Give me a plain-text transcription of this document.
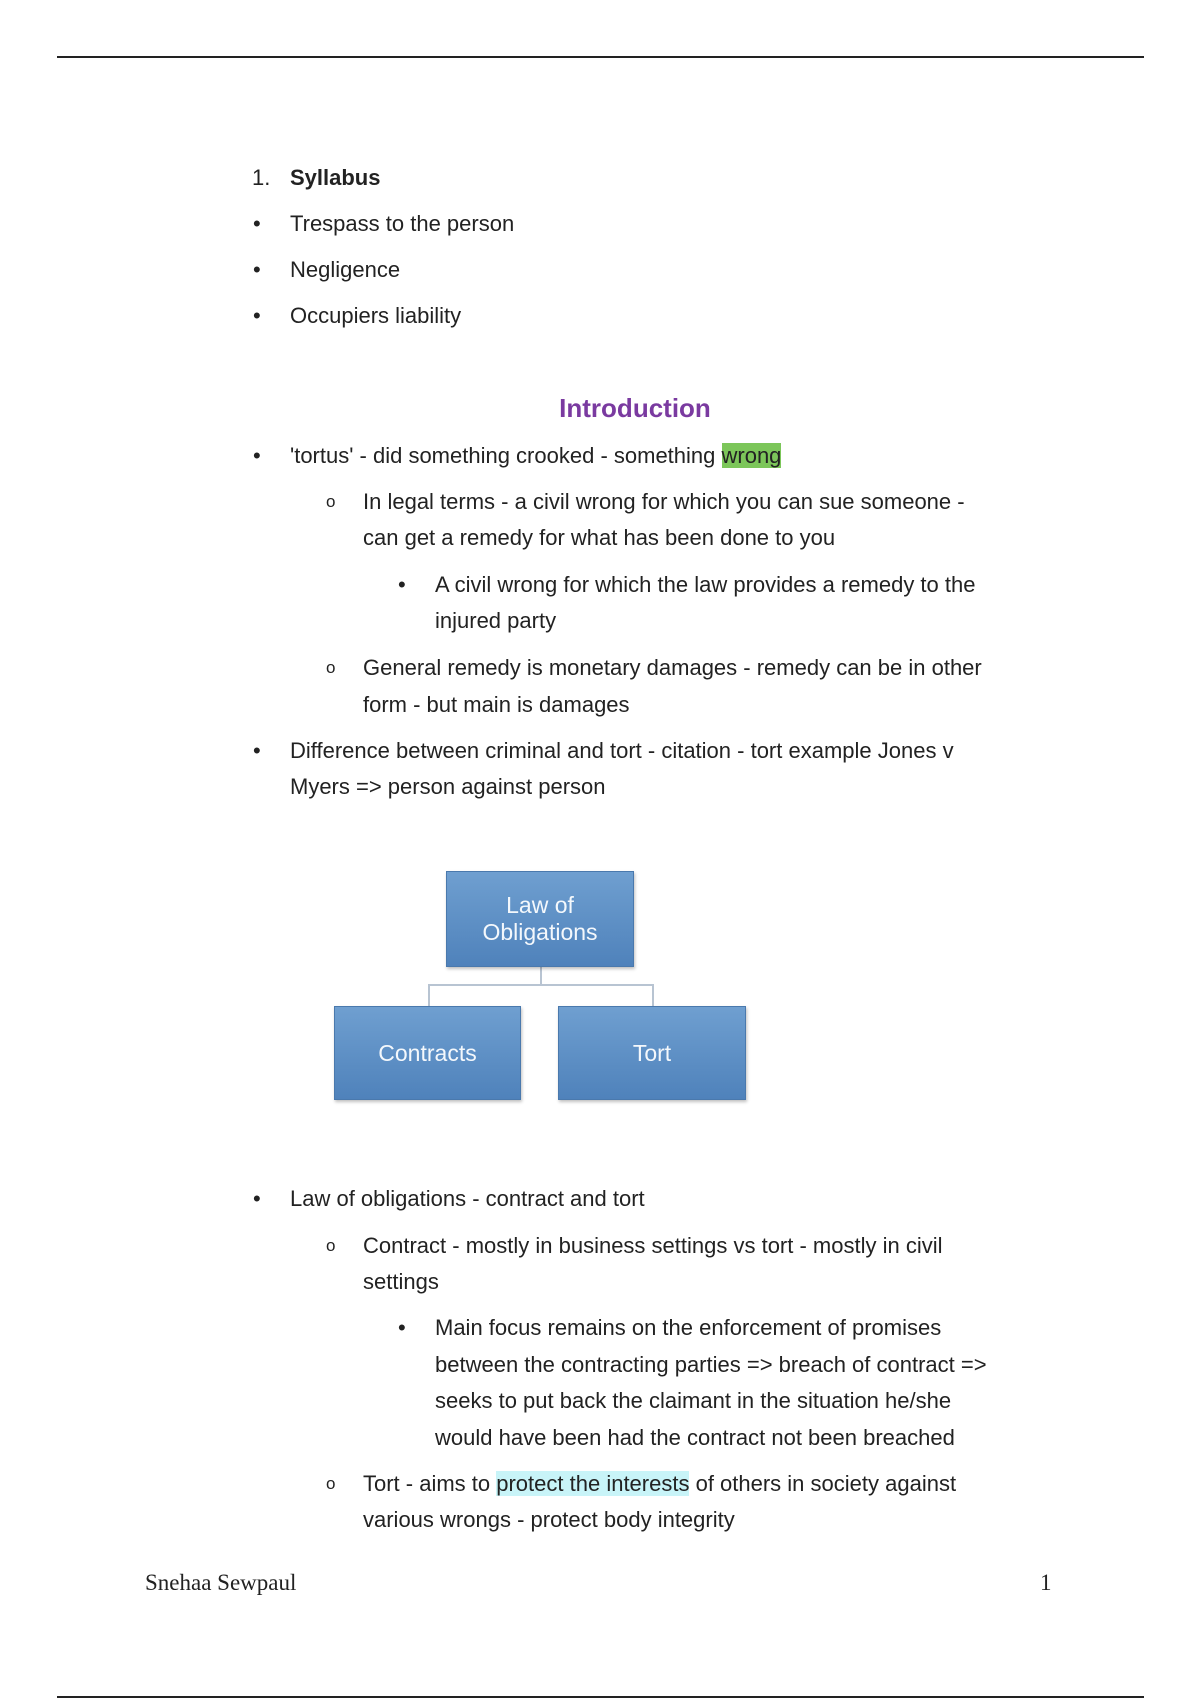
1. Syllabus
•
Trespass to the person
•
Negligence
•
Occupiers liability
Introduction
•
'tortus' - did something crooked - something wrong
o In legal terms - a civil wrong for which you can sue someone -
can get a remedy for what has been done to you
•
A civil wrong for which the law provides a remedy to the
injured party
o General remedy is monetary damages - remedy can be in other
form - but main is damages
•
Difference between criminal and tort - citation - tort example Jones v
Myers => person against person
Law of
Obligations
Contracts	Tort
•
Law of obligations - contract and tort
o Contract - mostly in business settings vs tort - mostly in civil
settings
•
Main focus remains on the enforcement of promises
between the contracting parties => breach of contract =>
seeks to put back the claimant in the situation he/she
would have been had the contract not been breached
o Tort - aims to protect the interests of others in society against
various wrongs - protect body integrity
Snehaa Sewpaul	1
